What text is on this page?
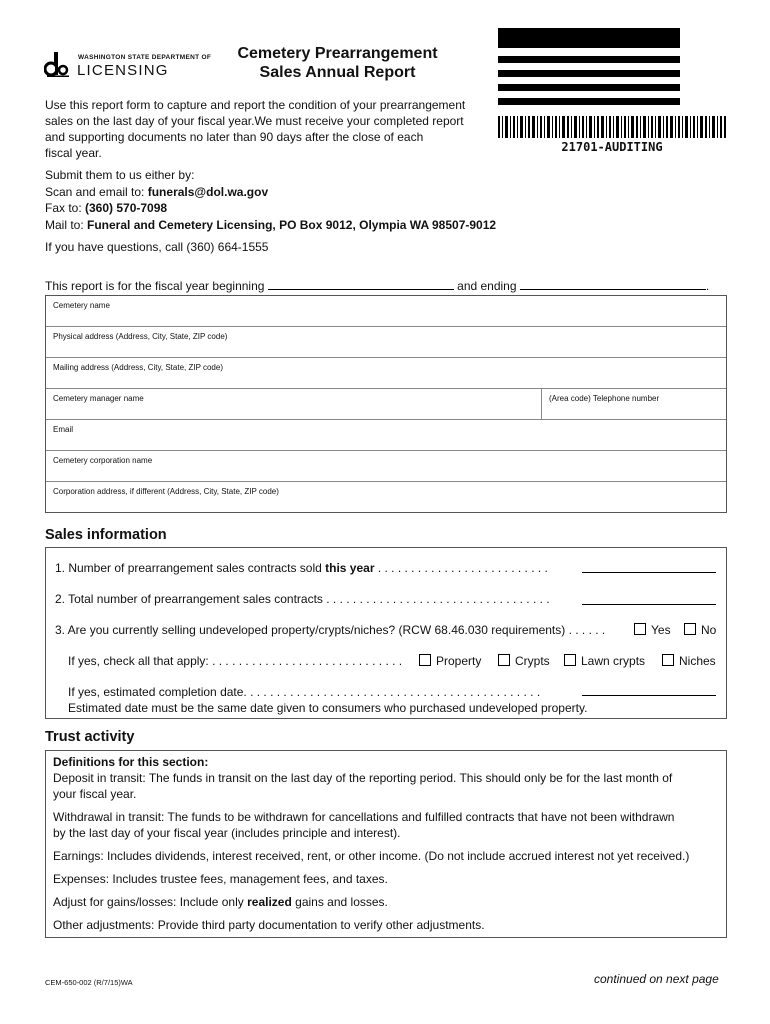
WASHINGTON STATE DEPARTMENT OF
LICENSING
Cemetery Prearrangement
Sales Annual Report
21701-AUDITING
Use this report form to capture and report the condition of your prearrangement
sales on the last day of your fiscal year.We must receive your completed report
and supporting documents no later than 90 days after the close of each
fiscal year.
Submit them to us either by:
Scan and email to: funerals@dol.wa.gov
Fax to: (360) 570-7098
Mail to: Funeral and Cemetery Licensing, PO Box 9012, Olympia WA 98507-9012
If you have questions, call (360) 664-1555
This report is for the fiscal year beginning	and ending	.
Cemetery name
Physical address (Address, City, State, ZIP code)
Mailing address (Address, City, State, ZIP code)
Cemetery manager name	(Area code) Telephone number
Email
Cemetery corporation name
Corporation address, if different (Address, City, State, ZIP code)
Sales information
1. Number of prearrangement sales contracts sold this year . . . . . . . . . . . . . . . . . . . . . . . . . .
2. Total number of prearrangement sales contracts . . . . . . . . . . . . . . . . . . . . . . . . . . . . . . . . . .
3. Are you currently selling undeveloped property/crypts/niches? (RCW 68.46.030 requirements) . . . . . .	Yes	No
If yes, check all that apply: . . . . . . . . . . . . . . . . . . . . . . . . . . . . .	Property	Crypts	Lawn crypts	Niches
If yes, estimated completion date. . . . . . . . . . . . . . . . . . . . . . . . . . . . . . . . . . . . . . . . . . . . .
Estimated date must be the same date given to consumers who purchased undeveloped property.
Trust activity

Definitions for this section:

Deposit in transit: The funds in transit on the last day of the reporting period. This should only be for the last month of

your fiscal year.

Withdrawal in transit: The funds to be withdrawn for cancellations and fulfilled contracts that have not been withdrawn

by the last day of your fiscal year (includes principle and interest).

Earnings: Includes dividends, interest received, rent, or other income. (Do not include accrued interest not yet received.)

Expenses: Includes trustee fees, management fees, and taxes.

Adjust for gains/losses: Include only realized gains and losses.

Other adjustments: Provide third party documentation to verify other adjustments.

CEM-650-002 (R/7/15)WA	continued on next page
